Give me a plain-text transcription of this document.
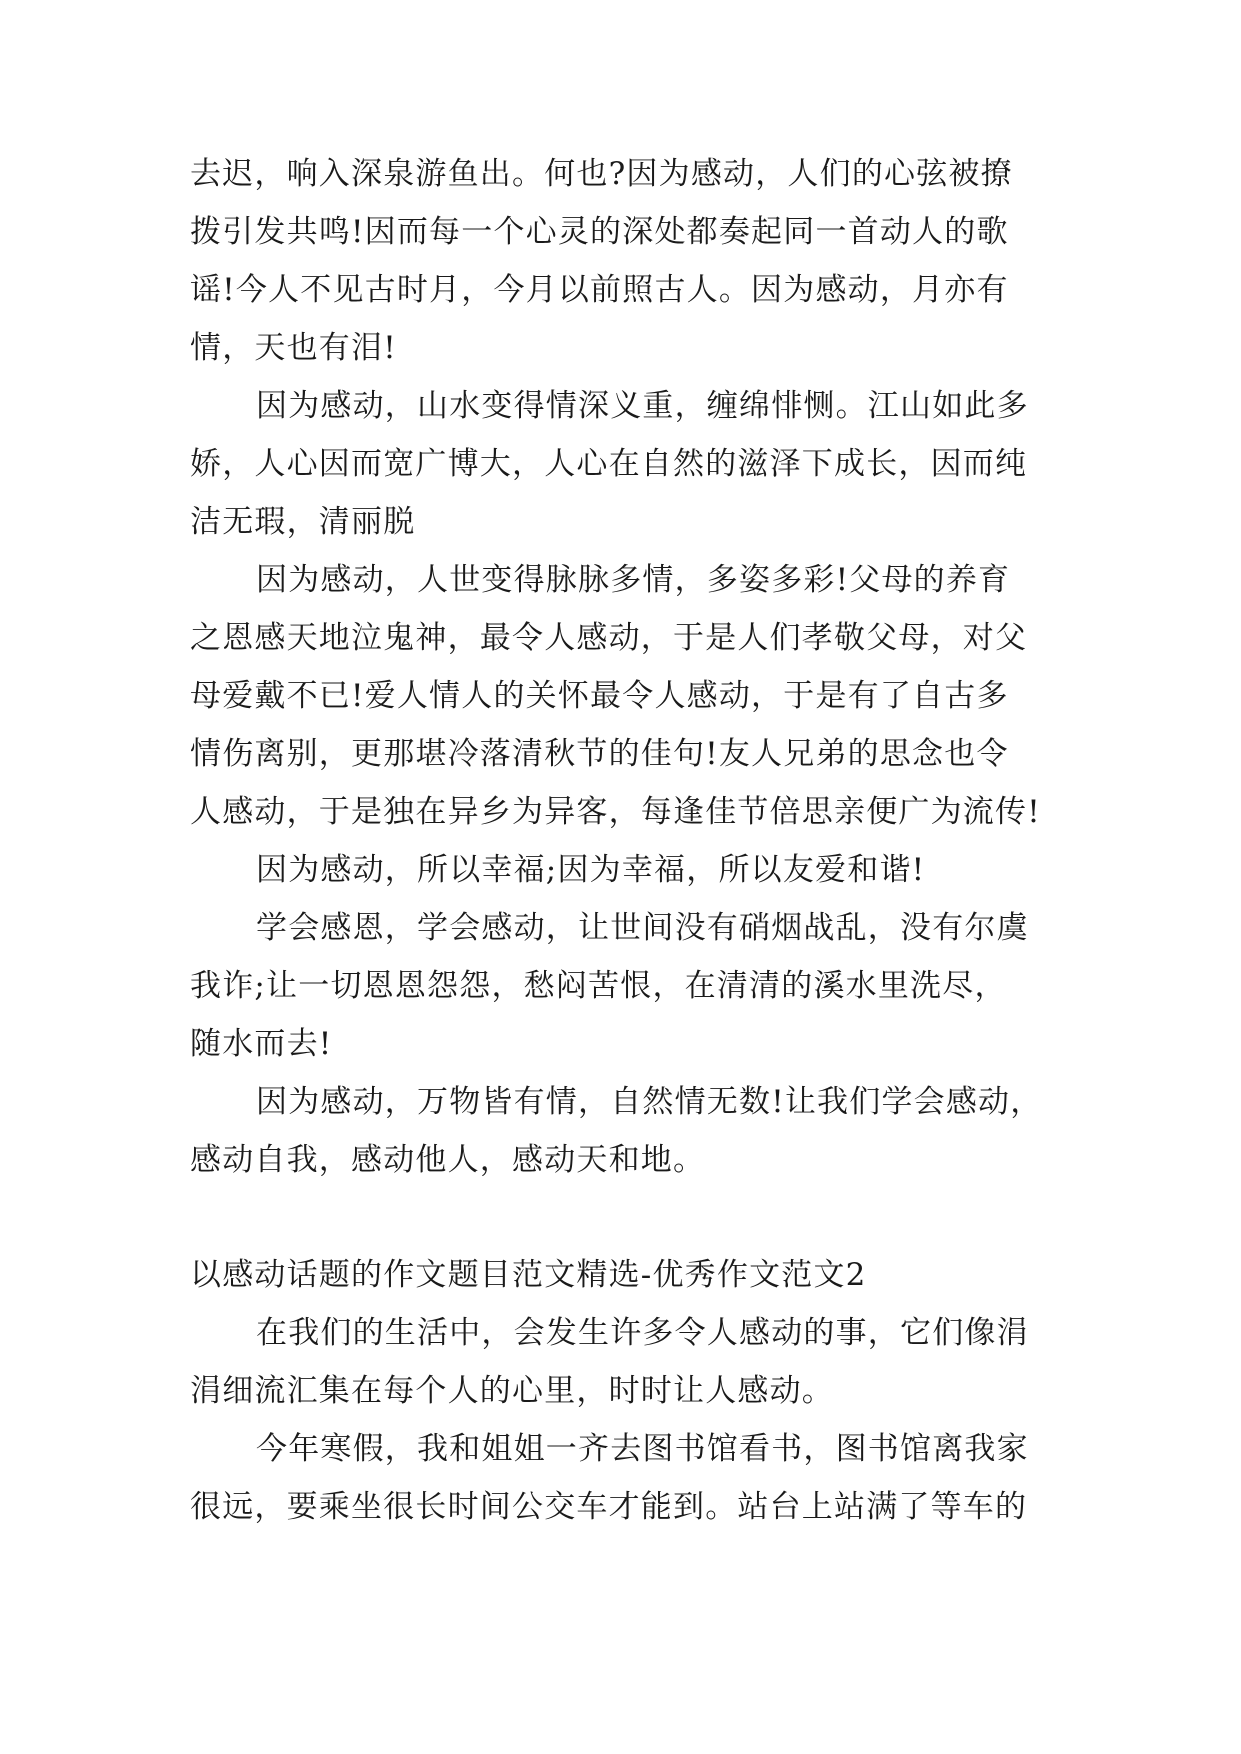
去迟，响入深泉游鱼出。何也?因为感动，人们的心弦被撩
拨引发共鸣!因而每一个心灵的深处都奏起同一首动人的歌
谣!今人不见古时月，今月以前照古人。因为感动，月亦有
情，天也有泪!
因为感动，山水变得情深义重，缠绵悱恻。江山如此多
娇，人心因而宽广博大，人心在自然的滋泽下成长，因而纯
洁无瑕，清丽脱
因为感动，人世变得脉脉多情，多姿多彩!父母的养育
之恩感天地泣鬼神，最令人感动，于是人们孝敬父母，对父
母爱戴不已!爱人情人的关怀最令人感动，于是有了自古多
情伤离别，更那堪冷落清秋节的佳句!友人兄弟的思念也令
人感动，于是独在异乡为异客，每逢佳节倍思亲便广为流传!
因为感动，所以幸福;因为幸福，所以友爱和谐!
学会感恩，学会感动，让世间没有硝烟战乱，没有尔虞
我诈;让一切恩恩怨怨，愁闷苦恨，在清清的溪水里洗尽，
随水而去!
因为感动，万物皆有情，自然情无数!让我们学会感动，
感动自我，感动他人，感动天和地。
以感动话题的作文题目范文精选-优秀作文范文2
在我们的生活中，会发生许多令人感动的事，它们像涓
涓细流汇集在每个人的心里，时时让人感动。
今年寒假，我和姐姐一齐去图书馆看书，图书馆离我家
很远，要乘坐很长时间公交车才能到。站台上站满了等车的
